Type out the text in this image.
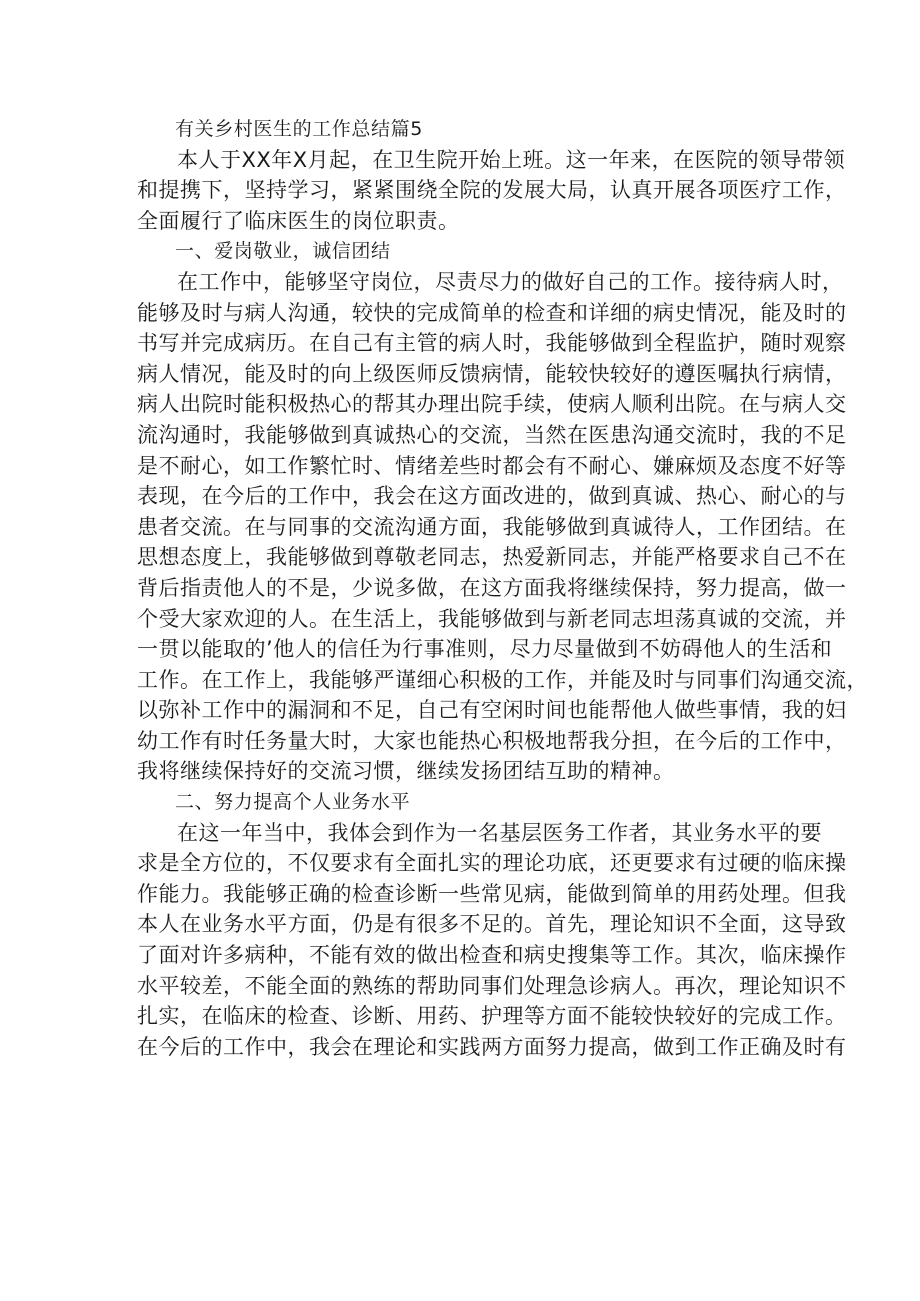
有关乡村医生的工作总结篇5
本人于XX年X月起，在卫生院开始上班。这一年来，在医院的领导带领
和提携下，坚持学习，紧紧围绕全院的发展大局，认真开展各项医疗工作，
全面履行了临床医生的岗位职责。
一、爱岗敬业，诚信团结
在工作中，能够坚守岗位，尽责尽力的做好自己的工作。接待病人时，
能够及时与病人沟通，较快的完成简单的检查和详细的病史情况，能及时的
书写并完成病历。在自己有主管的病人时，我能够做到全程监护，随时观察
病人情况，能及时的向上级医师反馈病情，能较快较好的遵医嘱执行病情，
病人出院时能积极热心的帮其办理出院手续，使病人顺利出院。在与病人交
流沟通时，我能够做到真诚热心的交流，当然在医患沟通交流时，我的不足
是不耐心，如工作繁忙时、情绪差些时都会有不耐心、嫌麻烦及态度不好等
表现，在今后的工作中，我会在这方面改进的，做到真诚、热心、耐心的与
患者交流。在与同事的交流沟通方面，我能够做到真诚待人，工作团结。在
思想态度上，我能够做到尊敬老同志，热爱新同志，并能严格要求自己不在
背后指责他人的不是，少说多做，在这方面我将继续保持，努力提高，做一
个受大家欢迎的人。在生活上，我能够做到与新老同志坦荡真诚的交流，并
一贯以能取的’他人的信任为行事准则，尽力尽量做到不妨碍他人的生活和
工作。在工作上，我能够严谨细心积极的工作，并能及时与同事们沟通交流，
以弥补工作中的漏洞和不足，自己有空闲时间也能帮他人做些事情，我的妇
幼工作有时任务量大时，大家也能热心积极地帮我分担，在今后的工作中，
我将继续保持好的交流习惯，继续发扬团结互助的精神。
二、努力提高个人业务水平
在这一年当中，我体会到作为一名基层医务工作者，其业务水平的要
求是全方位的，不仅要求有全面扎实的理论功底，还更要求有过硬的临床操
作能力。我能够正确的检查诊断一些常见病，能做到简单的用药处理。但我
本人在业务水平方面，仍是有很多不足的。首先，理论知识不全面，这导致
了面对许多病种，不能有效的做出检查和病史搜集等工作。其次，临床操作
水平较差，不能全面的熟练的帮助同事们处理急诊病人。再次，理论知识不
扎实，在临床的检查、诊断、用药、护理等方面不能较快较好的完成工作。
在今后的工作中，我会在理论和实践两方面努力提高，做到工作正确及时有
